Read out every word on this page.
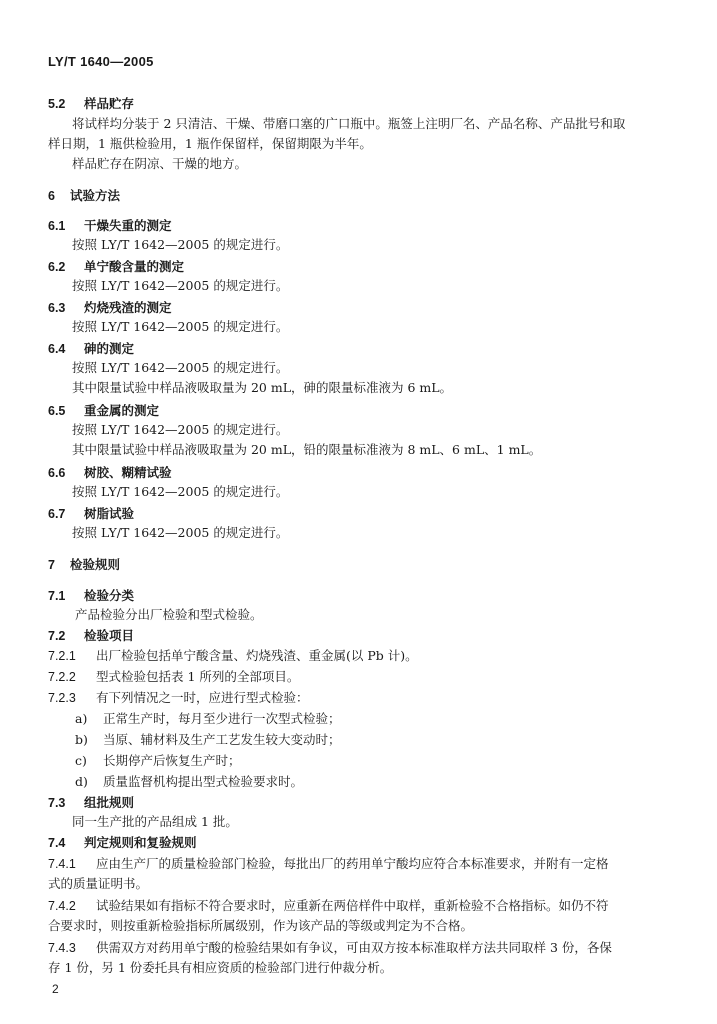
LY/T 1640—2005
5.2 样品贮存
将试样均分装于 2 只清洁、干燥、带磨口塞的广口瓶中。瓶签上注明厂名、产品名称、产品批号和取
样日期，1 瓶供检验用，1 瓶作保留样，保留期限为半年。
样品贮存在阴凉、干燥的地方。
6 试验方法
6.1 干燥失重的测定
按照 LY/T 1642—2005 的规定进行。
6.2 单宁酸含量的测定
按照 LY/T 1642—2005 的规定进行。
6.3 灼烧残渣的测定
按照 LY/T 1642—2005 的规定进行。
6.4 砷的测定
按照 LY/T 1642—2005 的规定进行。
其中限量试验中样品液吸取量为 20 mL，砷的限量标准液为 6 mL。
6.5 重金属的测定
按照 LY/T 1642—2005 的规定进行。
其中限量试验中样品液吸取量为 20 mL，铅的限量标准液为 8 mL、6 mL、1 mL。
6.6 树胶、糊精试验
按照 LY/T 1642—2005 的规定进行。
6.7 树脂试验
按照 LY/T 1642—2005 的规定进行。
7 检验规则
7.1 检验分类
产品检验分出厂检验和型式检验。
7.2 检验项目
7.2.1 出厂检验包括单宁酸含量、灼烧残渣、重金属(以 Pb 计)。
7.2.2 型式检验包括表 1 所列的全部项目。
7.2.3 有下列情况之一时，应进行型式检验：
a) 正常生产时，每月至少进行一次型式检验；
b) 当原、辅材料及生产工艺发生较大变动时；
c) 长期停产后恢复生产时；
d) 质量监督机构提出型式检验要求时。
7.3 组批规则
同一生产批的产品组成 1 批。
7.4 判定规则和复验规则
7.4.1 应由生产厂的质量检验部门检验，每批出厂的药用单宁酸均应符合本标准要求，并附有一定格
式的质量证明书。
7.4.2 试验结果如有指标不符合要求时，应重新在两倍样件中取样，重新检验不合格指标。如仍不符
合要求时，则按重新检验指标所属级别，作为该产品的等级或判定为不合格。
7.4.3 供需双方对药用单宁酸的检验结果如有争议，可由双方按本标准取样方法共同取样 3 份，各保
存 1 份，另 1 份委托具有相应资质的检验部门进行仲裁分析。
2
